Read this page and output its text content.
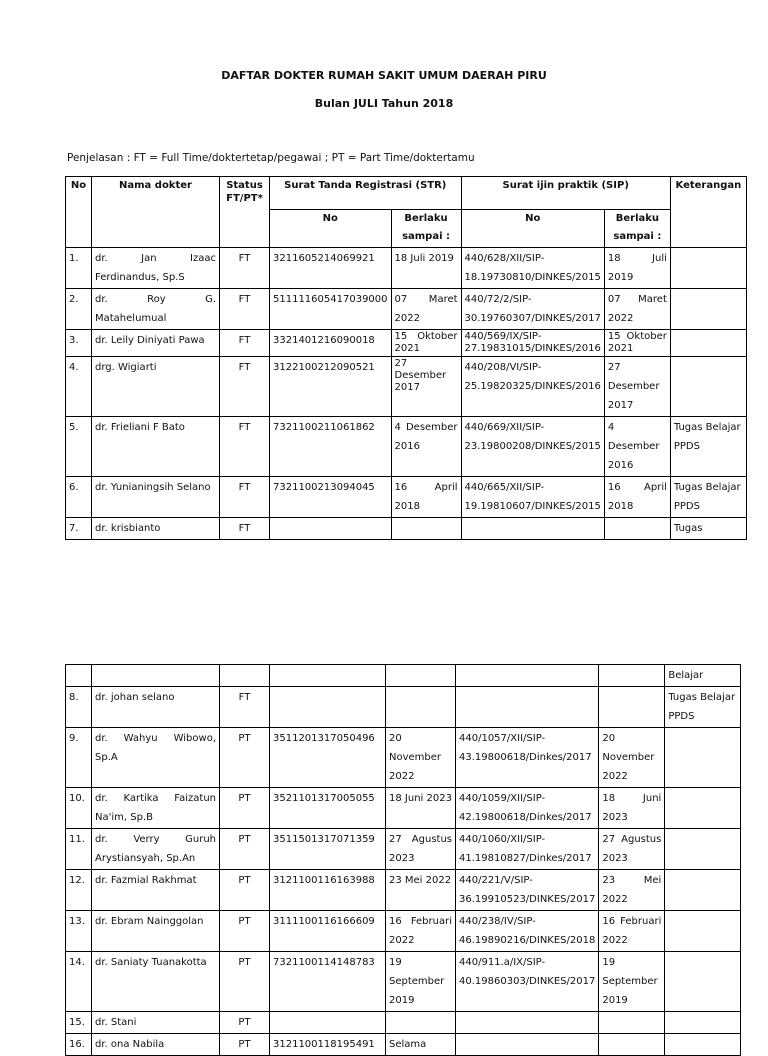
DAFTAR DOKTER RUMAH SAKIT UMUM DAERAH PIRU
Bulan JULI Tahun 2018
Penjelasan : FT = Full Time/doktertetap/pegawai ; PT = Part Time/doktertamu
No	Nama dokter	Status FT/PT*	Surat Tanda Registrasi (STR)		Surat ijin praktik (SIP)		Keterangan
			No	Berlaku sampai :	No	Berlaku sampai :	
1.	dr. Jan Izaac Ferdinandus, Sp.S	FT	3211605214069921	18 Juli 2019	440/628/XII/SIP-18.19730810/DINKES/2015	18 Juli 2019	
2.	dr. Roy G. Matahelumual	FT	511111605417039000	07 Maret 2022	440/72/2/SIP-30.19760307/DINKES/2017	07 Maret 2022	
3.	dr. Leily Diniyati Pawa	FT	3321401216090018	15 Oktober 2021	440/569/IX/SIP-27.19831015/DINKES/2016	15 Oktober 2021	
4.	drg. Wigiarti	FT	3122100212090521	27 Desember 2017	440/208/VI/SIP-25.19820325/DINKES/2016	27 Desember 2017	
5.	dr. Frieliani F Bato	FT	7321100211061862	4 Desember 2016	440/669/XII/SIP-23.19800208/DINKES/2015	4 Desember 2016	Tugas Belajar PPDS
6.	dr. Yunianingsih Selano	FT	7321100213094045	16 April 2018	440/665/XII/SIP-19.19810607/DINKES/2015	16 April 2018	Tugas Belajar PPDS
7.	dr. krisbianto	FT					Tugas
							Belajar
8.	dr. johan selano	FT					Tugas Belajar PPDS
9.	dr. Wahyu Wibowo, Sp.A	PT	3511201317050496	20 November 2022	440/1057/XII/SIP-43.19800618/Dinkes/2017	20 November 2022	
10.	dr. Kartika Faizatun Na'im, Sp.B	PT	3521101317005055	18 Juni 2023	440/1059/XII/SIP-42.19800618/Dinkes/2017	18 Juni 2023	
11.	dr. Verry Guruh Arystiansyah, Sp.An	PT	3511501317071359	27 Agustus 2023	440/1060/XII/SIP-41.19810827/Dinkes/2017	27 Agustus 2023	
12.	dr. Fazmial Rakhmat	PT	3121100116163988	23 Mei 2022	440/221/V/SIP-36.19910523/DINKES/2017	23 Mei 2022	
13.	dr. Ebram Nainggolan	PT	3111100116166609	16 Februari 2022	440/238/IV/SIP-46.19890216/DINKES/2018	16 Februari 2022	
14.	dr. Saniaty Tuanakotta	PT	7321100114148783	19 September 2019	440/911.a/IX/SIP-40.19860303/DINKES/2017	19 September 2019	
15.	dr. Stani	PT					
16.	dr. ona Nabila	PT	3121100118195491	Selama			
